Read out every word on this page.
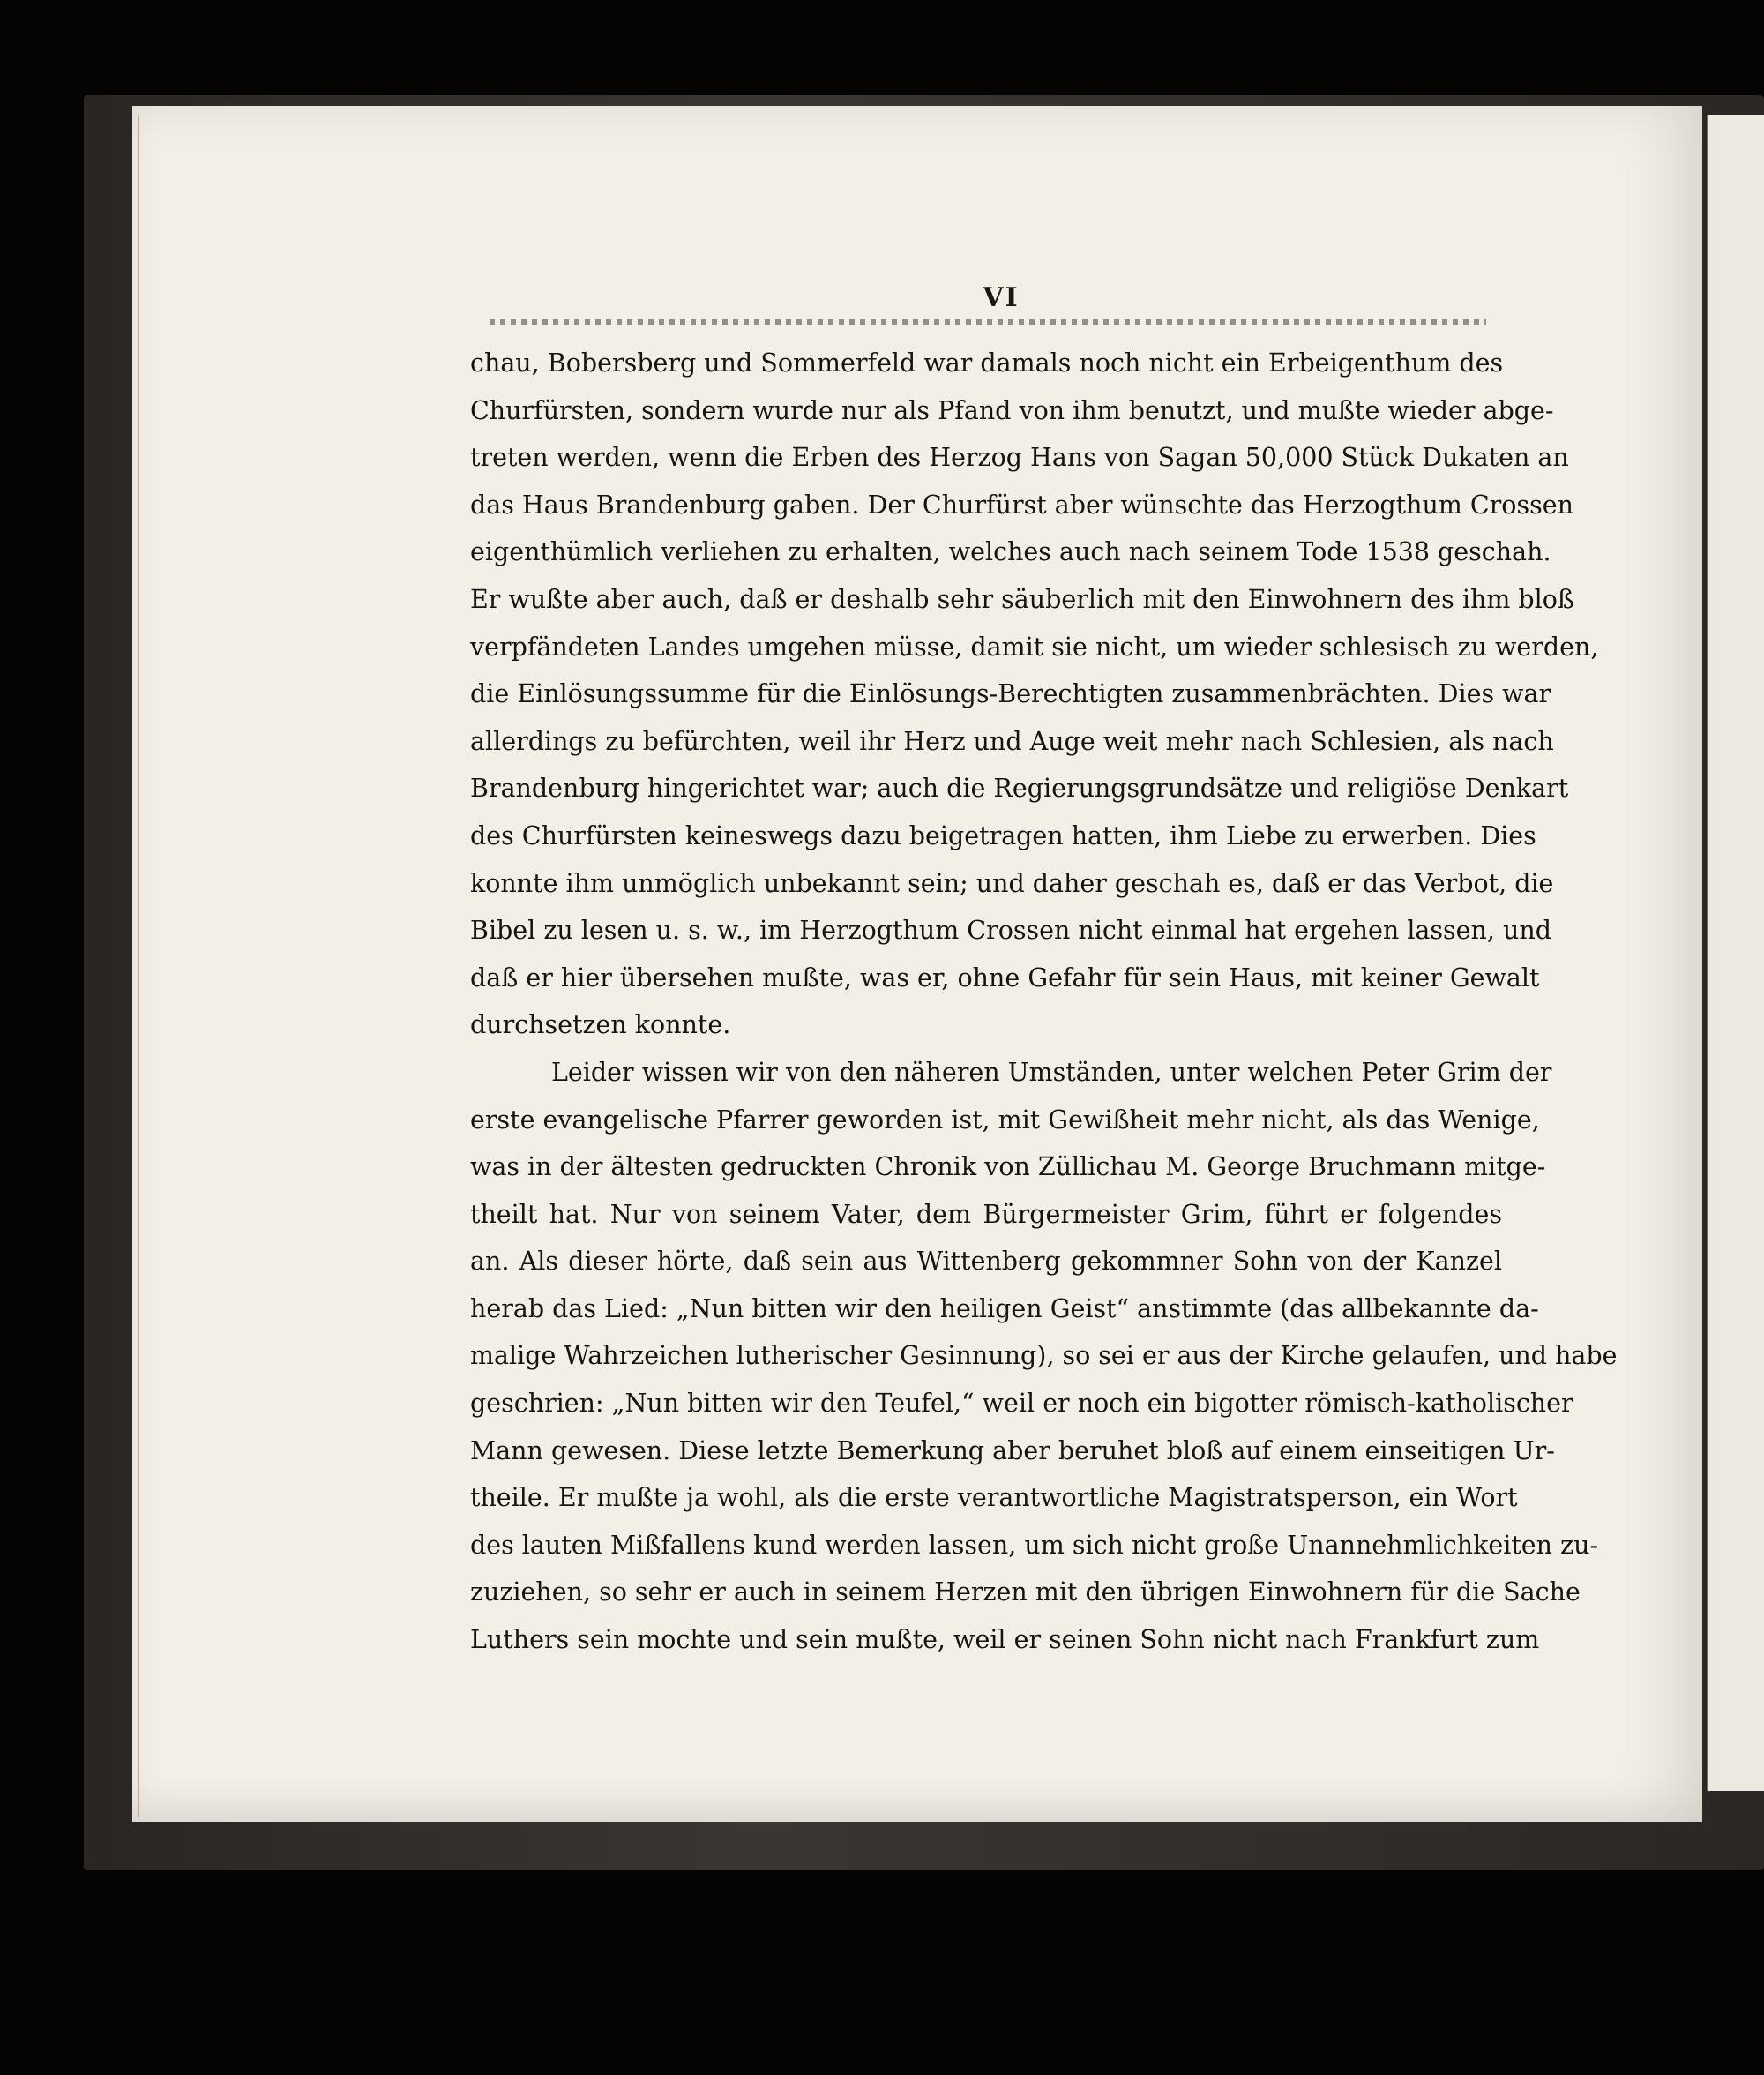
VI
chau, Bobersberg und Sommerfeld war damals noch nicht ein Erbeigenthum des
Churfürsten, sondern wurde nur als Pfand von ihm benutzt, und mußte wieder abge-
treten werden, wenn die Erben des Herzog Hans von Sagan 50,000 Stück Dukaten an
das Haus Brandenburg gaben. Der Churfürst aber wünschte das Herzogthum Crossen
eigenthümlich verliehen zu erhalten, welches auch nach seinem Tode 1538 geschah.
Er wußte aber auch, daß er deshalb sehr säuberlich mit den Einwohnern des ihm bloß
verpfändeten Landes umgehen müsse, damit sie nicht, um wieder schlesisch zu werden,
die Einlösungssumme für die Einlösungs-Berechtigten zusammenbrächten. Dies war
allerdings zu befürchten, weil ihr Herz und Auge weit mehr nach Schlesien, als nach
Brandenburg hingerichtet war; auch die Regierungsgrundsätze und religiöse Denkart
des Churfürsten keineswegs dazu beigetragen hatten, ihm Liebe zu erwerben. Dies
konnte ihm unmöglich unbekannt sein; und daher geschah es, daß er das Verbot, die
Bibel zu lesen u. s. w., im Herzogthum Crossen nicht einmal hat ergehen lassen, und
daß er hier übersehen mußte, was er, ohne Gefahr für sein Haus, mit keiner Gewalt
durchsetzen konnte.
Leider wissen wir von den näheren Umständen, unter welchen Peter Grim der
erste evangelische Pfarrer geworden ist, mit Gewißheit mehr nicht, als das Wenige,
was in der ältesten gedruckten Chronik von Züllichau M. George Bruchmann mitge-
theilt hat. Nur von seinem Vater, dem Bürgermeister Grim, führt er folgendes
an. Als dieser hörte, daß sein aus Wittenberg gekommner Sohn von der Kanzel
herab das Lied: „Nun bitten wir den heiligen Geist“ anstimmte (das allbekannte da-
malige Wahrzeichen lutherischer Gesinnung), so sei er aus der Kirche gelaufen, und habe
geschrien: „Nun bitten wir den Teufel,“ weil er noch ein bigotter römisch-katholischer
Mann gewesen. Diese letzte Bemerkung aber beruhet bloß auf einem einseitigen Ur-
theile. Er mußte ja wohl, als die erste verantwortliche Magistratsperson, ein Wort
des lauten Mißfallens kund werden lassen, um sich nicht große Unannehmlichkeiten zu-
zuziehen, so sehr er auch in seinem Herzen mit den übrigen Einwohnern für die Sache
Luthers sein mochte und sein mußte, weil er seinen Sohn nicht nach Frankfurt zum
